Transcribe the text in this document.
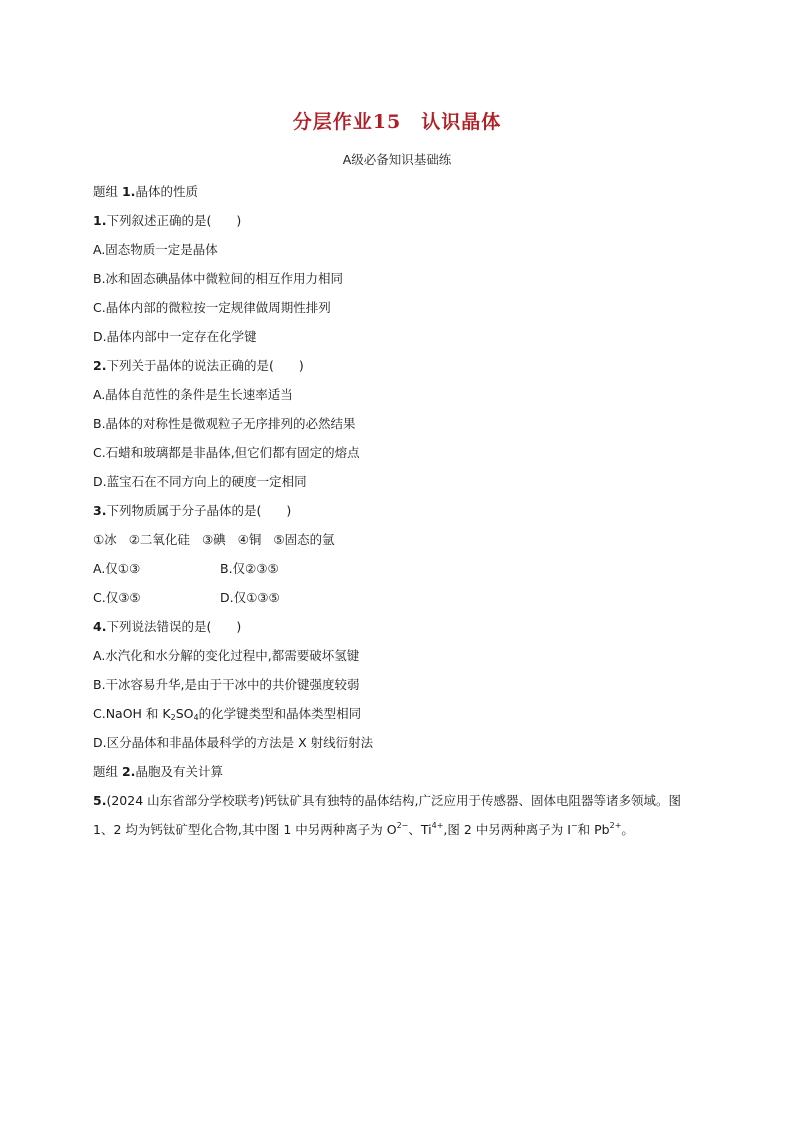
分层作业15　认识晶体
A级必备知识基础练
题组 1.晶体的性质
1.下列叙述正确的是(　　)
A.固态物质一定是晶体
B.冰和固态碘晶体中微粒间的相互作用力相同
C.晶体内部的微粒按一定规律做周期性排列
D.晶体内部中一定存在化学键
2.下列关于晶体的说法正确的是(　　)
A.晶体自范性的条件是生长速率适当
B.晶体的对称性是微观粒子无序排列的必然结果
C.石蜡和玻璃都是非晶体,但它们都有固定的熔点
D.蓝宝石在不同方向上的硬度一定相同
3.下列物质属于分子晶体的是(　　)
①冰 ②二氧化硅 ③碘 ④铜 ⑤固态的氩
A.仅①③	B.仅②③⑤
C.仅③⑤	D.仅①③⑤
4.下列说法错误的是(　　)
A.水汽化和水分解的变化过程中,都需要破坏氢键
B.干冰容易升华,是由于干冰中的共价键强度较弱
C.NaOH 和 $K_2SO_4$的化学键类型和晶体类型相同
D.区分晶体和非晶体最科学的方法是 X 射线衍射法
题组 2.晶胞及有关计算
5.(2024 山东省部分学校联考)钙钛矿具有独特的晶体结构,广泛应用于传感器、固体电阻器等诸多领域。图 1、2 均为钙钛矿型化合物,其中图 1 中另两种离子为 $O^{2-}$、$Ti^{4+}$,图 2 中另两种离子为 I−和 $Pb^{2+}$。
